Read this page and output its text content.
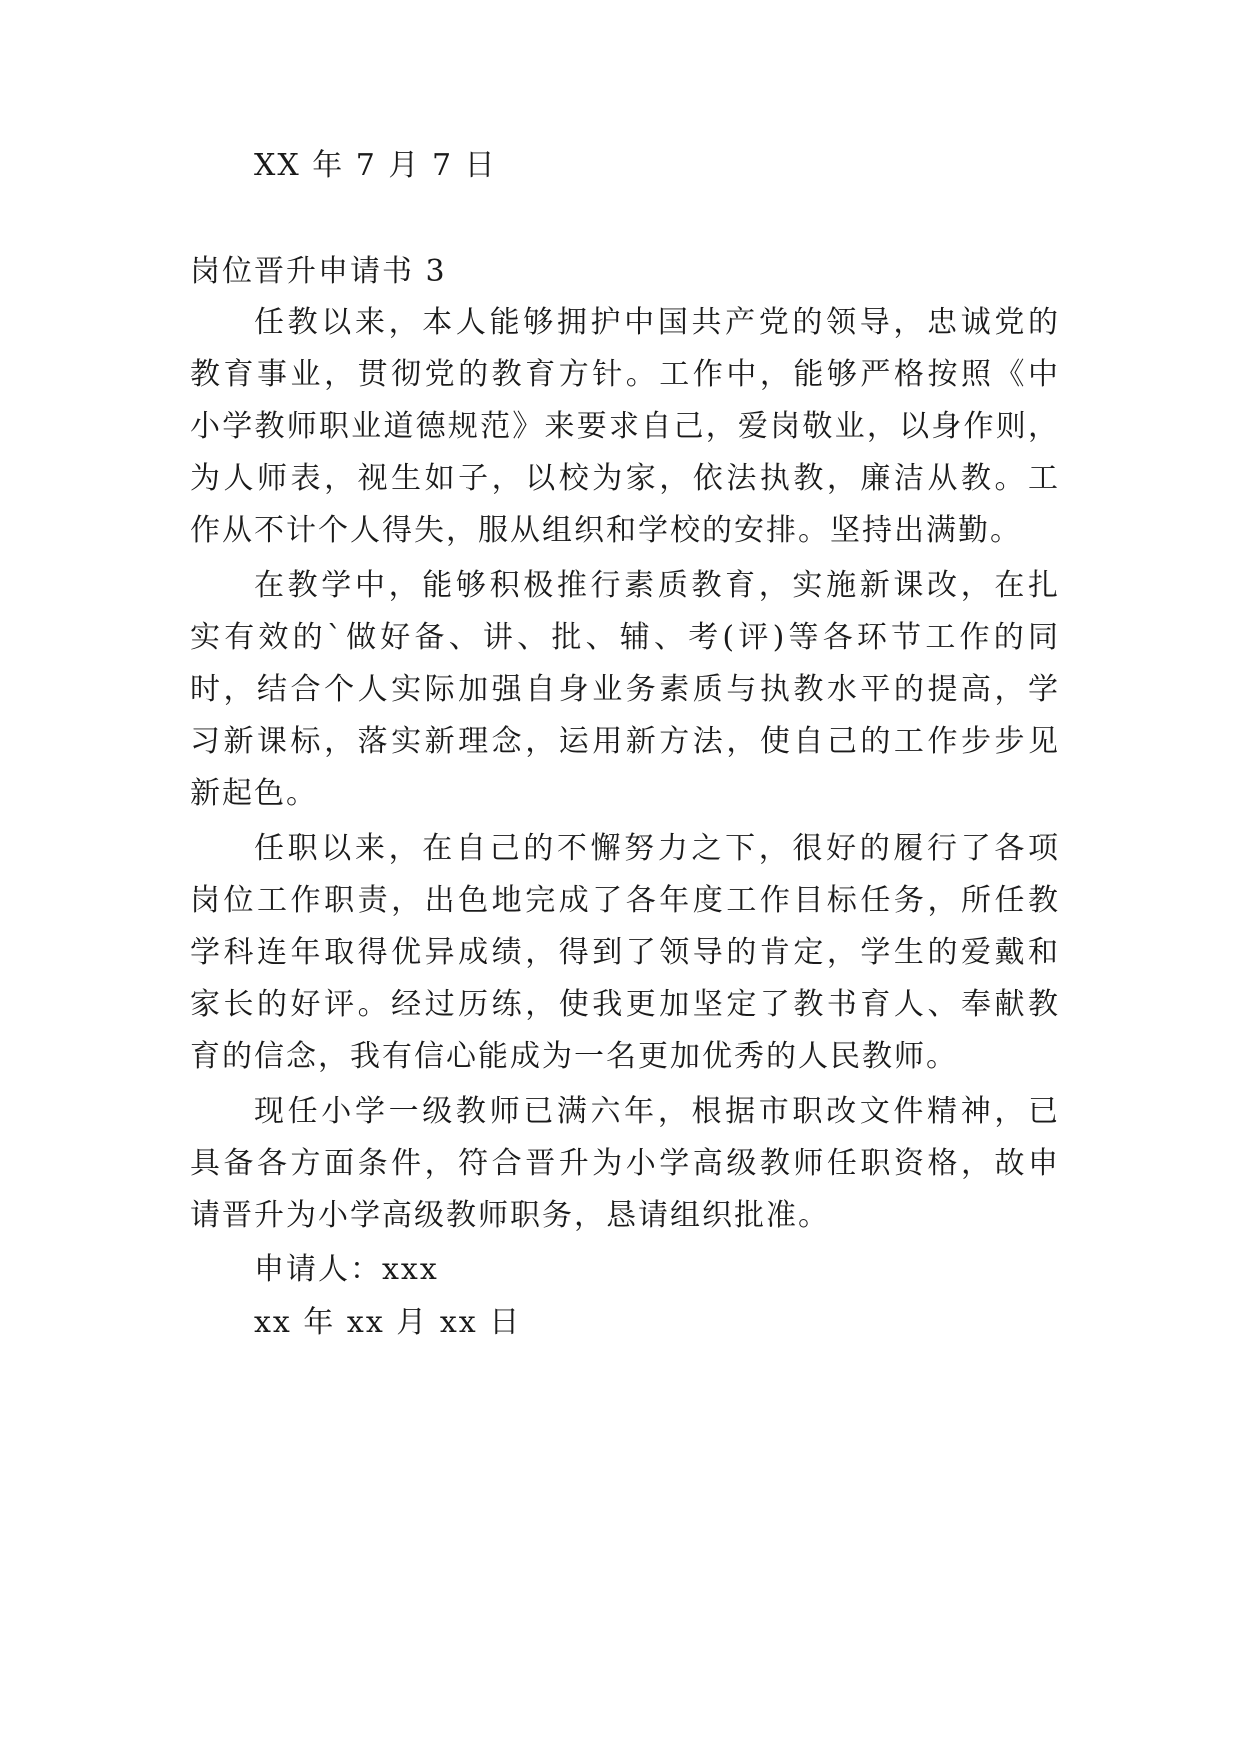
XX 年 7 月 7 日
岗位晋升申请书 3
任教以来，本人能够拥护中国共产党的领导，忠诚党的
教育事业，贯彻党的教育方针。工作中，能够严格按照《中
小学教师职业道德规范》来要求自己，爱岗敬业，以身作则，
为人师表，视生如子，以校为家，依法执教，廉洁从教。工
作从不计个人得失，服从组织和学校的安排。坚持出满勤。
在教学中，能够积极推行素质教育，实施新课改，在扎
实有效的`做好备、讲、批、辅、考(评)等各环节工作的同
时，结合个人实际加强自身业务素质与执教水平的提高，学
习新课标，落实新理念，运用新方法，使自己的工作步步见
新起色。
任职以来，在自己的不懈努力之下，很好的履行了各项
岗位工作职责，出色地完成了各年度工作目标任务，所任教
学科连年取得优异成绩，得到了领导的肯定，学生的爱戴和
家长的好评。经过历练，使我更加坚定了教书育人、奉献教
育的信念，我有信心能成为一名更加优秀的人民教师。
现任小学一级教师已满六年，根据市职改文件精神，已
具备各方面条件，符合晋升为小学高级教师任职资格，故申
请晋升为小学高级教师职务，恳请组织批准。
申请人：xxx
xx 年 xx 月 xx 日
